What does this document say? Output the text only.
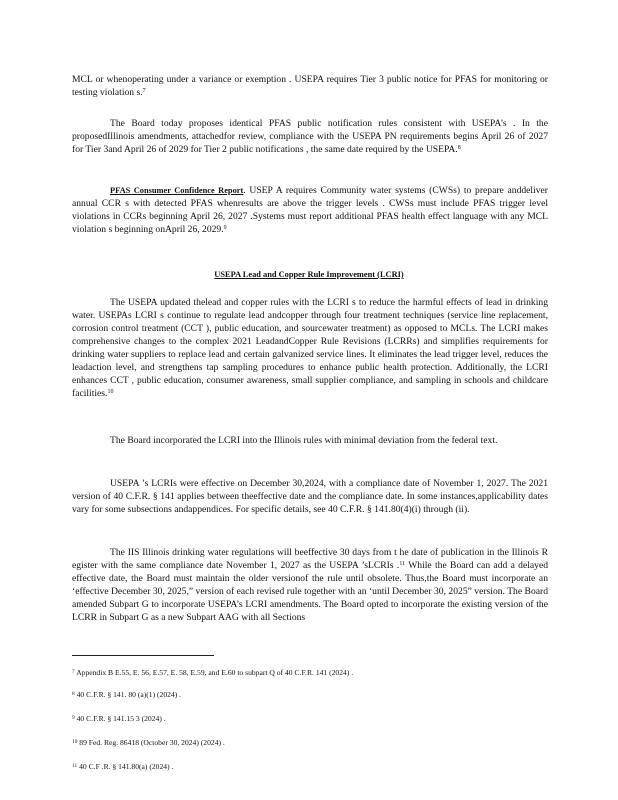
MCL or whenoperating under a variance or exemption . USEPA requires Tier 3 public notice for PFAS for monitoring or testing violation s.$^7$

The Board today proposes identical PFAS public notification rules consistent with USEPA’s . In the proposedIllinois amendments, attachedfor review, compliance with the USEPA PN requirements begins April 26 of 2027 for Tier 3and April 26 of 2029 for Tier 2 public notifications , the same date required by the USEPA.$^8$

PFAS Consumer Confidence Report. USEP A requires Community water systems (CWSs) to prepare anddeliver annual CCR s with detected PFAS whenresults are above the trigger levels . CWSs must include PFAS trigger level violations in CCRs beginning April 26, 2027 .Systems must report additional PFAS health effect language with any MCL violation s beginning onApril 26, 2029.$^9$

USEPA Lead and Copper Rule Improvement (LCRI)

The USEPA updated thelead and copper rules with the LCRI s to reduce the harmful effects of lead in drinking water. USEPAs LCRI s continue to regulate lead andcopper through four treatment techniques (service line replacement, corrosion control treatment (CCT ), public education, and sourcewater treatment) as opposed to MCLs. The LCRI makes comprehensive changes to the complex 2021 LeadandCopper Rule Revisions (LCRRs) and simplifies requirements for drinking water suppliers to replace lead and certain galvanized service lines. It eliminates the lead trigger level, reduces the leadaction level, and strengthens tap sampling procedures to enhance public health protection. Additionally, the LCRI enhances CCT , public education, consumer awareness, small supplier compliance, and sampling in schools and childcare facilities.$^{10}$

The Board incorporated the LCRI into the Illinois rules with minimal deviation from the federal text.

USEPA ’s LCRIs were effective on December 30,2024, with a compliance date of November 1, 2027. The 2021 version of 40 C.F.R. § 141 applies between theeffective date and the compliance date. In some instances,applicability dates vary for some subsections andappendices. For specific details, see 40 C.F.R. § 141.80(4)(i) through (ii).

The IIS Illinois drinking water regulations will beeffective 30 days from t he date of publication in the Illinois R egister with the same compliance date November 1, 2027 as the USEPA ’sLCRIs .$^{11}$ While the Board can add a delayed effective date, the Board must maintain the older versionof the rule until obsolete. Thus,the Board must incorporate an ‘effective December 30, 2025,” version of each revised rule together with an ‘until December 30, 2025” version. The Board amended Subpart G to incorporate USEPA’s LCRI amendments. The Board opted to incorporate the existing version of the LCRR in Subpart G as a new Subpart AAG with all Sections

$^7$ Appendix B E.55, E. 56, E.57, E. 58, E.59, and E.60 to subpart Q of 40 C.F.R. 141 (2024) .
$^8$ 40 C.F.R. § 141. 80 (a)(1) (2024) .
$^9$ 40 C.F.R. § 141.15 3 (2024) .
$^{10}$ 89 Fed. Reg. 86418 (October 30, 2024) (2024) .
$^{11}$ 40 C.F .R. § 141.80(a) (2024) .
